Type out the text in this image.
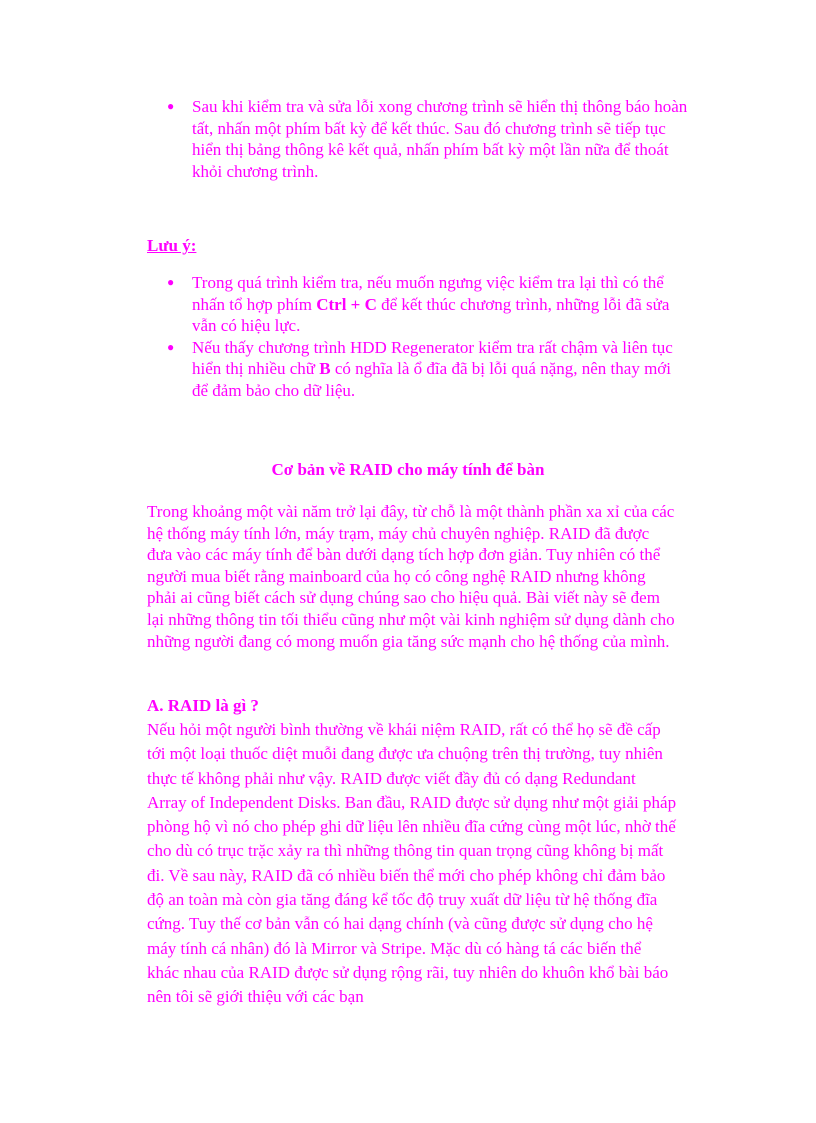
●	Sau khi kiểm tra và sửa lỗi xong chương trình sẽ hiển thị thông báo hoàn tất, nhấn một phím bất kỳ để kết thúc. Sau đó chương trình sẽ tiếp tục hiển thị bảng thông kê kết quả, nhấn phím bất kỳ một lần nữa để thoát khỏi chương trình.
Lưu ý:
●	Trong quá trình kiểm tra, nếu muốn ngưng việc kiểm tra lại thì có thể nhấn tổ hợp phím Ctrl + C để kết thúc chương trình, những lỗi đã sửa vẫn có hiệu lực.
●	Nếu thấy chương trình HDD Regenerator kiểm tra rất chậm và liên tục hiển thị nhiều chữ B có nghĩa là ổ đĩa đã bị lỗi quá nặng, nên thay mới để đảm bảo cho dữ liệu.
Cơ bản về RAID cho máy tính để bàn

Trong khoảng một vài năm trở lại đây, từ chỗ là một thành phần xa xỉ của các hệ thống máy tính lớn, máy trạm, máy chủ chuyên nghiệp. RAID đã được đưa vào các máy tính để bàn dưới dạng tích hợp đơn giản. Tuy nhiên có thể người mua biết rằng mainboard của họ có công nghệ RAID nhưng không phải ai cũng biết cách sử dụng chúng sao cho hiệu quả. Bài viết này sẽ đem lại những thông tin tối thiểu cũng như một vài kinh nghiệm sử dụng dành cho những người đang có mong muốn gia tăng sức mạnh cho hệ thống của mình.

A. RAID là gì ?

Nếu hỏi một người bình thường về khái niệm RAID, rất có thể họ sẽ đề cấp tới một loại thuốc diệt muỗi đang được ưa chuộng trên thị trường, tuy nhiên thực tế không phải như vậy. RAID được viết đầy đủ có dạng Redundant Array of Independent Disks. Ban đầu, RAID được sử dụng như một giải pháp phòng hộ vì nó cho phép ghi dữ liệu lên nhiều đĩa cứng cùng một lúc, nhờ thế cho dù có trục trặc xảy ra thì những thông tin quan trọng cũng không bị mất đi. Về sau này, RAID đã có nhiều biến thể mới cho phép không chỉ đảm bảo độ an toàn mà còn gia tăng đáng kể tốc độ truy xuất dữ liệu từ hệ thống đĩa cứng. Tuy thế cơ bản vẫn có hai dạng chính (và cũng được sử dụng cho hệ máy tính cá nhân) đó là Mirror và Stripe. Mặc dù có hàng tá các biến thể khác nhau của RAID được sử dụng rộng rãi, tuy nhiên do khuôn khổ bài báo nên tôi sẽ giới thiệu với các bạn
